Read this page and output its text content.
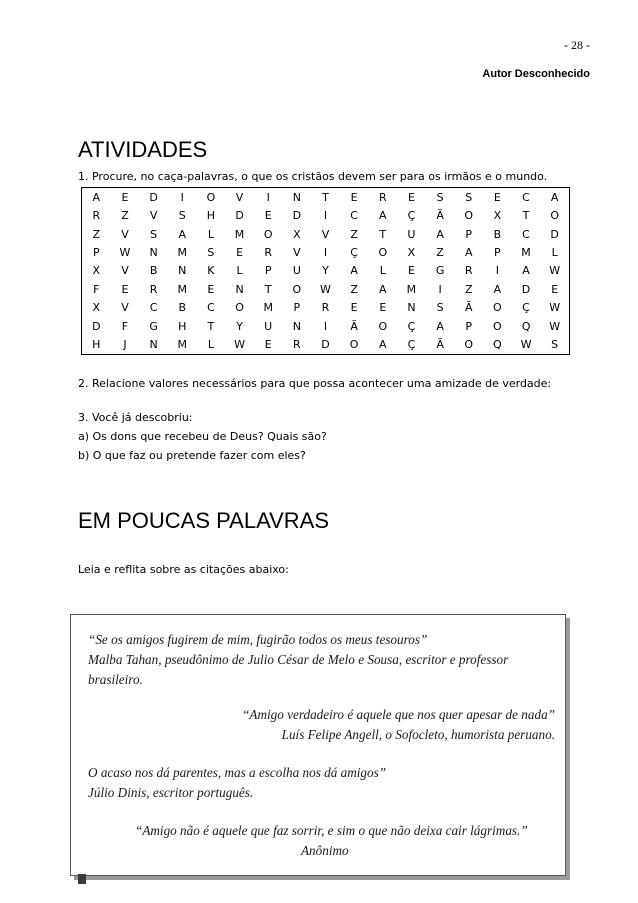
- 28 -
Autor Desconhecido
ATIVIDADES
1. Procure, no caça-palavras, o que os cristãos devem ser para os irmãos e o mundo.
A	E	D	I	O	V	I	N	T	E	R	E	S	S	E	C	A
R	Z	V	S	H	D	E	D	I	C	A	Ç	Ã	O	X	T	O
Z	V	S	A	L	M	O	X	V	Z	T	U	A	P	B	C	D
P	W	N	M	S	E	R	V	I	Ç	O	X	Z	A	P	M	L
X	V	B	N	K	L	P	U	Y	A	L	E	G	R	I	A	W
F	E	R	M	E	N	T	O	W	Z	A	M	I	Z	A	D	E
X	V	C	B	C	O	M	P	R	E	E	N	S	Ã	O	Ç	W
D	F	G	H	T	Y	U	N	I	Ã	O	Ç	A	P	O	Q	W
H	J	N	M	L	W	E	R	D	O	A	Ç	Ã	O	Q	W	S
2. Relacione valores necessários para que possa acontecer uma amizade de verdade:
3. Você já descobriu:
a) Os dons que recebeu de Deus? Quais são?
b) O que faz ou pretende fazer com eles?
EM POUCAS PALAVRAS
Leia e reflita sobre as citações abaixo:
“Se os amigos fugirem de mim, fugirão todos os meus tesouros”
Malba Tahan, pseudônimo de Julio César de Melo e Sousa, escritor e professor
brasileiro.
“Amigo verdadeiro é aquele que nos quer apesar de nada”
Luís Felipe Angell, o Sofocleto, humorista peruano.
O acaso nos dá parentes, mas a escolha nos dá amigos”
Júlio Dinis, escritor português.
“Amigo não é aquele que faz sorrir, e sim o que não deixa cair lágrimas.”
Anônimo
